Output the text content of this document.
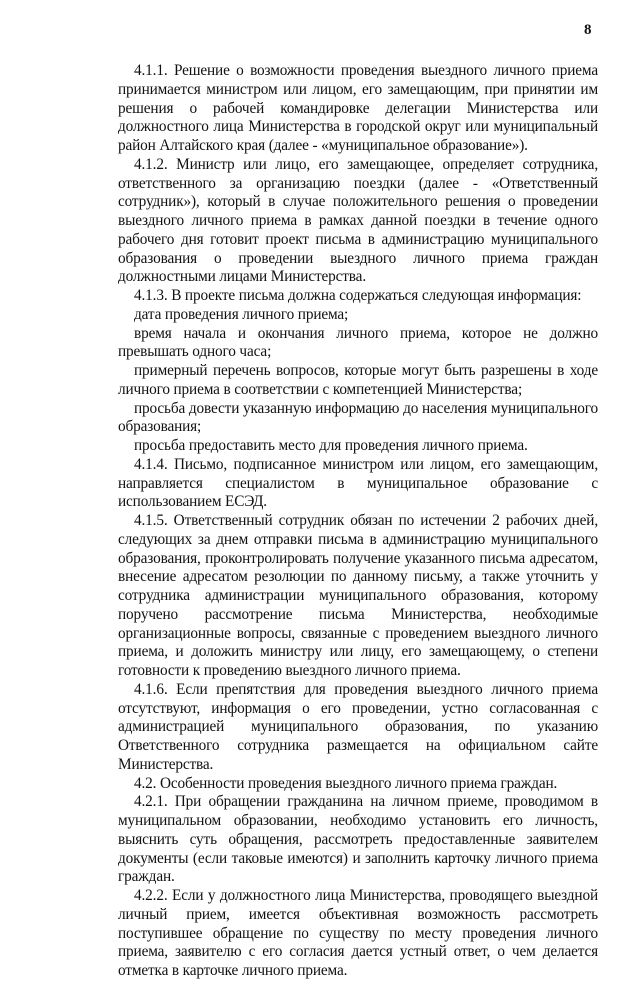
8

4.1.1. Решение о возможности проведения выездного личного приема принимается министром или лицом, его замещающим, при принятии им решения о рабочей командировке делегации Министерства или должностного лица Министерства в городской округ или муниципальный район Алтайского края (далее - «муниципальное образование»).

4.1.2. Министр или лицо, его замещающее, определяет сотрудника, ответственного за организацию поездки (далее - «Ответственный сотрудник»), который в случае положительного решения о проведении выездного личного приема в рамках данной поездки в течение одного рабочего дня готовит проект письма в администрацию муниципального образования о проведении выездного личного приема граждан должностными лицами Министерства.

4.1.3. В проекте письма должна содержаться следующая информация:

дата проведения личного приема;

время начала и окончания личного приема, которое не должно превышать одного часа;

примерный перечень вопросов, которые могут быть разрешены в ходе личного приема в соответствии с компетенцией Министерства;

просьба довести указанную информацию до населения муниципального образования;

просьба предоставить место для проведения личного приема.

4.1.4. Письмо, подписанное министром или лицом, его замещающим, направляется специалистом в муниципальное образование с использованием ЕСЭД.

4.1.5. Ответственный сотрудник обязан по истечении 2 рабочих дней, следующих за днем отправки письма в администрацию муниципального образования, проконтролировать получение указанного письма адресатом, внесение адресатом резолюции по данному письму, а также уточнить у сотрудника администрации муниципального образования, которому поручено рассмотрение письма Министерства, необходимые организационные вопросы, связанные с проведением выездного личного приема, и доложить министру или лицу, его замещающему, о степени готовности к проведению выездного личного приема.

4.1.6. Если препятствия для проведения выездного личного приема отсутствуют, информация о его проведении, устно согласованная с администрацией муниципального образования, по указанию Ответственного сотрудника размещается на официальном сайте Министерства.

4.2. Особенности проведения выездного личного приема граждан.

4.2.1. При обращении гражданина на личном приеме, проводимом в муниципальном образовании, необходимо установить его личность, выяснить суть обращения, рассмотреть предоставленные заявителем документы (если таковые имеются) и заполнить карточку личного приема граждан.

4.2.2. Если у должностного лица Министерства, проводящего выездной личный прием, имеется объективная возможность рассмотреть поступившее обращение по существу по месту проведения личного приема, заявителю с его согласия дается устный ответ, о чем делается отметка в карточке личного приема.
